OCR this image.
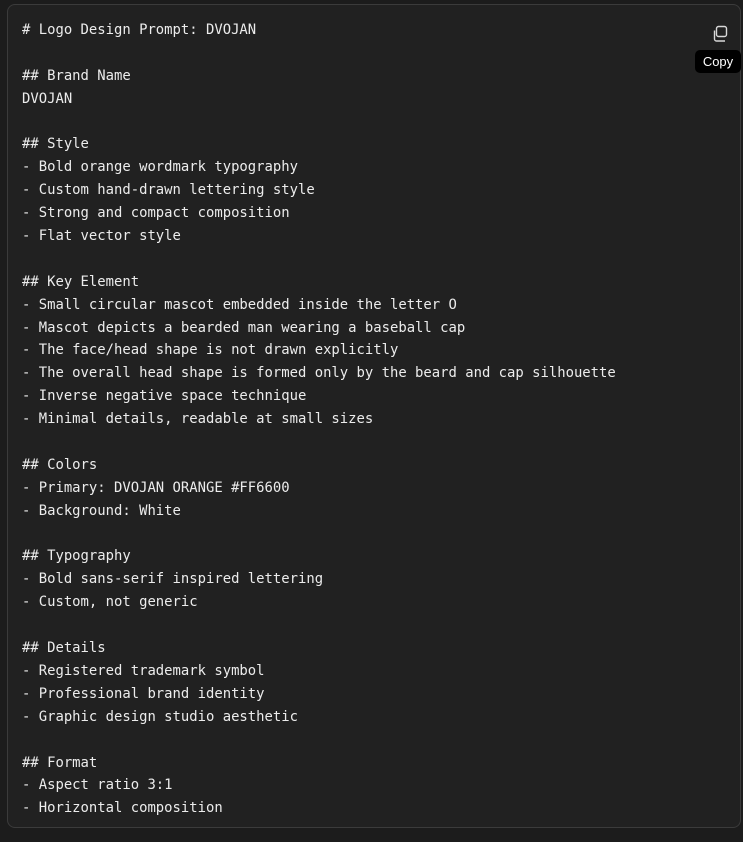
# Logo Design Prompt: DVOJAN
## Brand Name
DVOJAN
## Style
- Bold orange wordmark typography
- Custom hand-drawn lettering style
- Strong and compact composition
- Flat vector style
## Key Element
- Small circular mascot embedded inside the letter O
- Mascot depicts a bearded man wearing a baseball cap
- The face/head shape is not drawn explicitly
- The overall head shape is formed only by the beard and cap silhouette
- Inverse negative space technique
- Minimal details, readable at small sizes
## Colors
- Primary: DVOJAN ORANGE #FF6600
- Background: White
## Typography
- Bold sans-serif inspired lettering
- Custom, not generic
## Details
- Registered trademark symbol
- Professional brand identity
- Graphic design studio aesthetic
## Format
- Aspect ratio 3:1
- Horizontal composition
Copy
